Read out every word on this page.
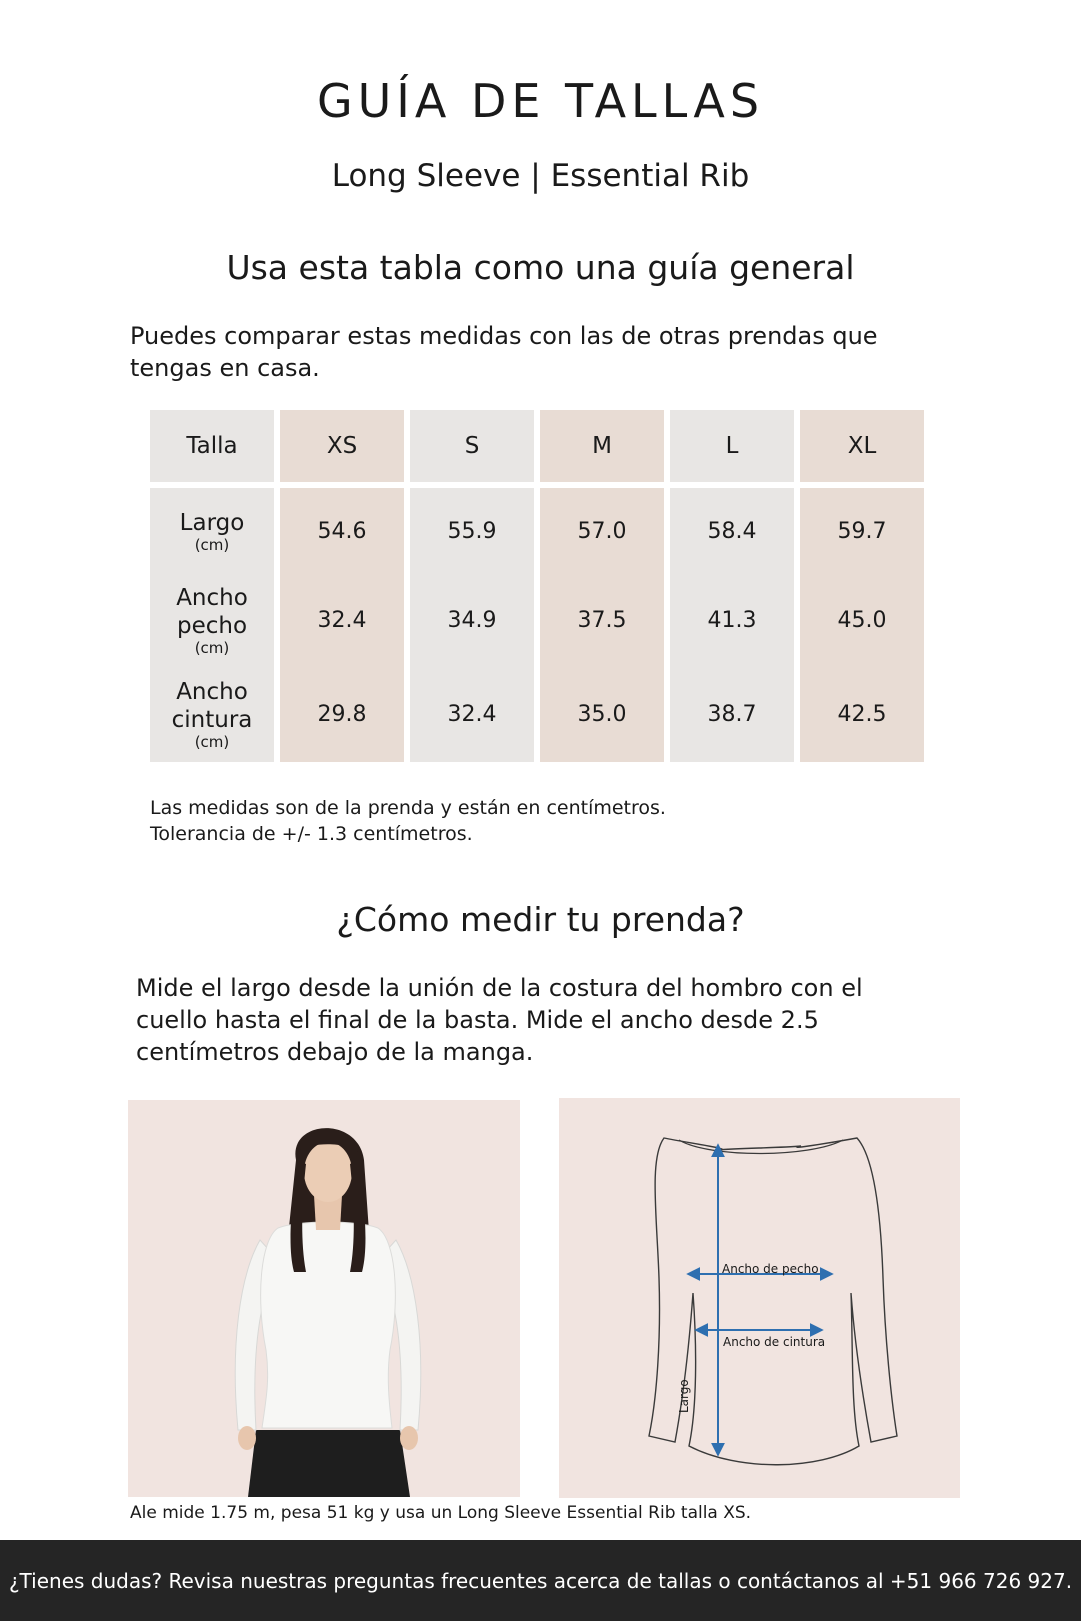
GUÍA DE TALLAS
Long Sleeve | Essential Rib
Usa esta tabla como una guía general
Puedes comparar estas medidas con las de otras prendas que
tengas en casa.
Talla	XS	S	M	L	XL
Largo
(cm)
54.6	55.9	57.0	58.4	59.7
Ancho
pecho
(cm)
32.4	34.9	37.5	41.3	45.0
Ancho
cintura
(cm)
29.8	32.4	35.0	38.7	42.5
Las medidas son de la prenda y están en centímetros.
Tolerancia de +/- 1.3 centímetros.
¿Cómo medir tu prenda?
Mide el largo desde la unión de la costura del hombro con el
cuello hasta el final de la basta. Mide el ancho desde 2.5
centímetros debajo de la manga.
Ancho de pecho
Ancho de cintura
Largo
Ale mide 1.75 m, pesa 51 kg y usa un Long Sleeve Essential Rib talla XS.
¿Tienes dudas? Revisa nuestras preguntas frecuentes acerca de tallas o contáctanos al +51 966 726 927.
